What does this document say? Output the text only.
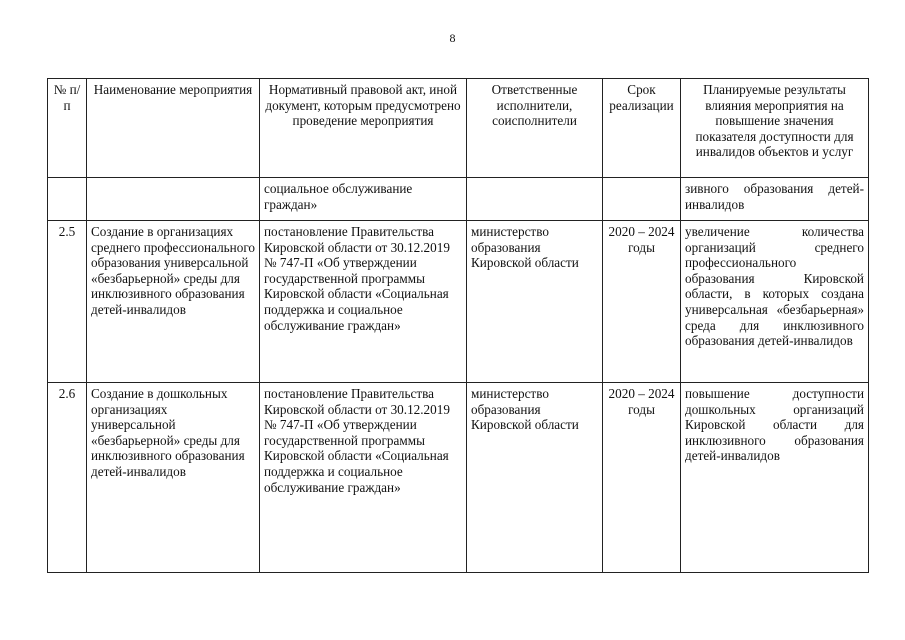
8
№ п/п	Наименование мероприятия	Нормативный правовой акт, иной документ, которым предусмотрено проведение мероприятия	Ответственные исполнители, соисполнители	Срок реализации	Планируемые результаты влияния мероприятия на повышение значения показателя доступности для инвалидов объектов и услуг
		социальное обслуживание граждан»			зивного образования детей-инвалидов
2.5	Создание в организациях среднего профессионального образования универсальной «безбарьерной» среды для инклюзивного образования детей-инвалидов	постановление Правительства Кировской области от 30.12.2019 № 747-П «Об утверждении государственной программы Кировской области «Социальная поддержка и социальное обслуживание граждан»	министерство образования Кировской области	2020 – 2024 годы	увеличение количества организаций среднего профессионального образования Кировской области, в которых создана универсальная «безбарьерная» среда для инклюзивного образования детей-инвалидов
2.6	Создание в дошкольных организациях универсальной «безбарьерной» среды для инклюзивного образования детей-инвалидов	постановление Правительства Кировской области от 30.12.2019 № 747-П «Об утверждении государственной программы Кировской области «Социальная поддержка и социальное обслуживание граждан»	министерство образования Кировской области	2020 – 2024 годы	повышение доступности дошкольных организаций Кировской области для инклюзивного образования детей-инвалидов
